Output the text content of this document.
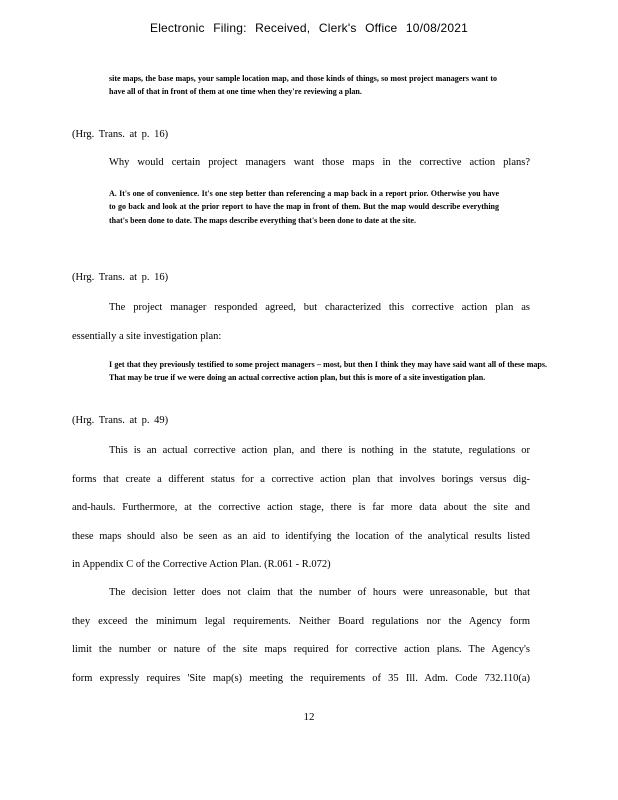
Electronic Filing: Received, Clerk's Office 10/08/2021
site maps, the base maps, your sample location map, and those kinds of things, so most project managers want to have all of that in front of them at one time when they're reviewing a plan.
(Hrg. Trans. at p. 16)
Why would certain project managers want those maps in the corrective action plans?
A. It's one of convenience. It's one step better than referencing a map back in a report prior. Otherwise you have to go back and look at the prior report to have the map in front of them. But the map would describe everything that's been done to date. The maps describe everything that's been done to date at the site.
(Hrg. Trans. at p. 16)
The project manager responded agreed, but characterized this corrective action plan as
essentially a site investigation plan:
I get that they previously testified to some project managers – most, but then I think they may have said want all of these maps. That may be true if we were doing an actual corrective action plan, but this is more of a site investigation plan.
(Hrg. Trans. at p. 49)
This is an actual corrective action plan, and there is nothing in the statute, regulations or
forms that create a different status for a corrective action plan that involves borings versus dig-
and-hauls. Furthermore, at the corrective action stage, there is far more data about the site and
these maps should also be seen as an aid to identifying the location of the analytical results listed
in Appendix C of the Corrective Action Plan. (R.061 - R.072)
The decision letter does not claim that the number of hours were unreasonable, but that
they exceed the minimum legal requirements. Neither Board regulations nor the Agency form
limit the number or nature of the site maps required for corrective action plans. The Agency's
form expressly requires 'Site map(s) meeting the requirements of 35 Ill. Adm. Code 732.110(a)
12
